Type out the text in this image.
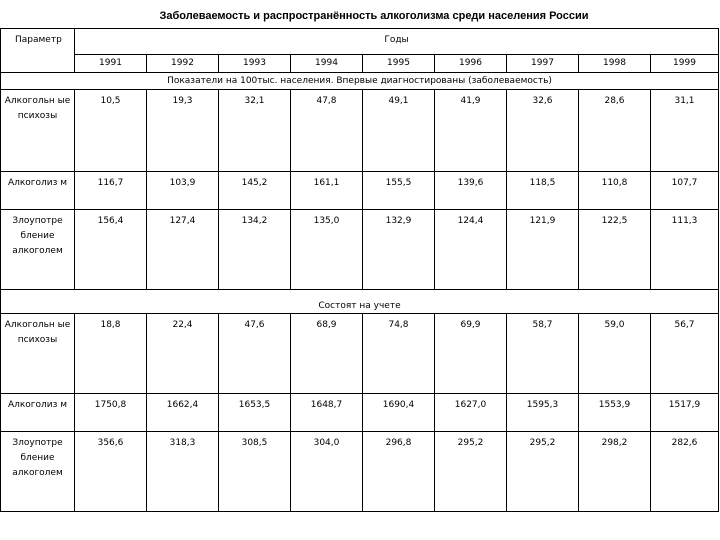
Заболеваемость и распространённость алкоголизма среди населения России
Параметр	Годы								
	1991	1992	1993	1994	1995	1996	1997	1998	1999
Показатели на 100тыс. населения. Впервые диагностированы (заболеваемость)									
Алкогольн ые психозы	10,5	19,3	32,1	47,8	49,1	41,9	32,6	28,6	31,1
Алкоголиз м	116,7	103,9	145,2	161,1	155,5	139,6	118,5	110,8	107,7
Злоупотре бление алкоголем	156,4	127,4	134,2	135,0	132,9	124,4	121,9	122,5	111,3
Состоят на учете									
Алкогольн ые психозы	18,8	22,4	47,6	68,9	74,8	69,9	58,7	59,0	56,7
Алкоголиз м	1750,8	1662,4	1653,5	1648,7	1690,4	1627,0	1595,3	1553,9	1517,9
Злоупотре бление алкоголем	356,6	318,3	308,5	304,0	296,8	295,2	295,2	298,2	282,6
